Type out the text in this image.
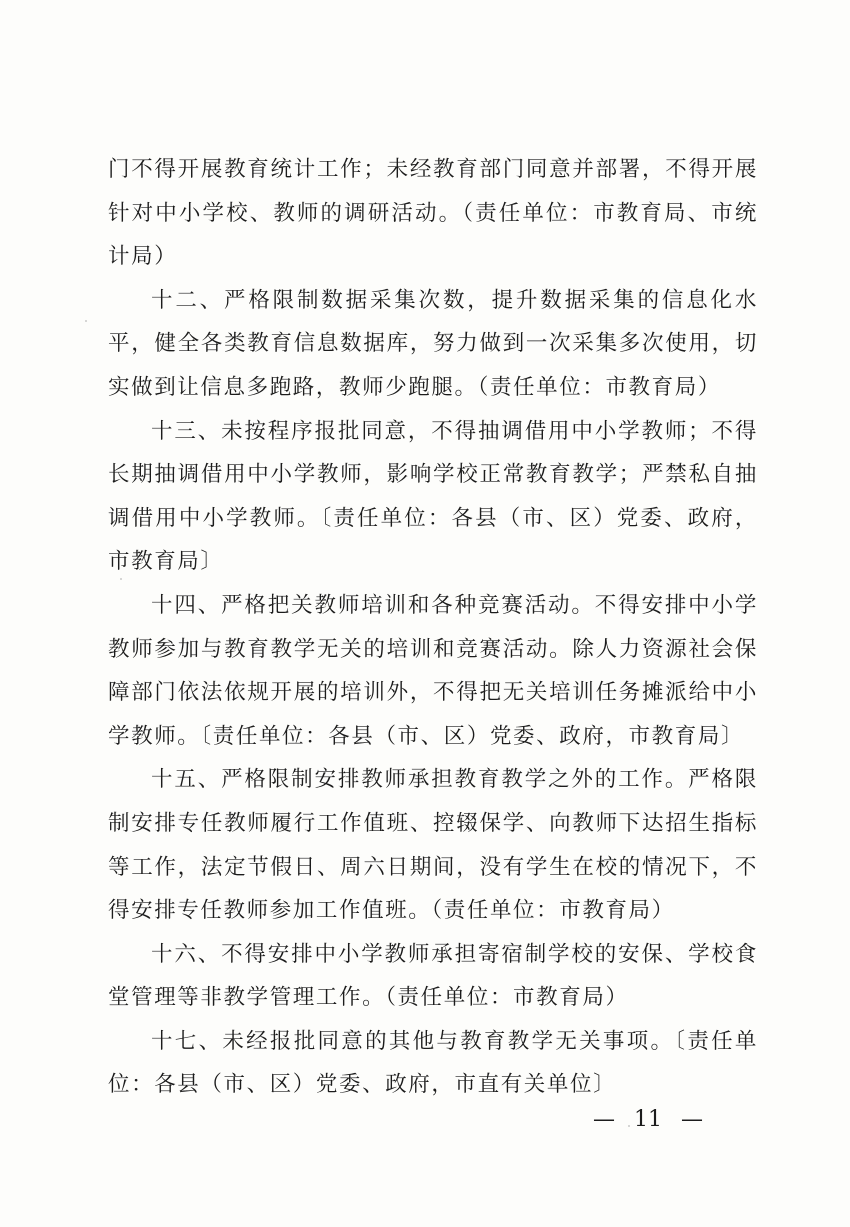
门不得开展教育统计工作；未经教育部门同意并部署，不得开展针对中小学校、教师的调研活动。（责任单位：市教育局、市统计局）

十二、严格限制数据采集次数，提升数据采集的信息化水平，健全各类教育信息数据库，努力做到一次采集多次使用，切实做到让信息多跑路，教师少跑腿。（责任单位：市教育局）

十三、未按程序报批同意，不得抽调借用中小学教师；不得长期抽调借用中小学教师，影响学校正常教育教学；严禁私自抽调借用中小学教师。〔责任单位：各县（市、区）党委、政府，市教育局〕

十四、严格把关教师培训和各种竞赛活动。不得安排中小学教师参加与教育教学无关的培训和竞赛活动。除人力资源社会保障部门依法依规开展的培训外，不得把无关培训任务摊派给中小学教师。〔责任单位：各县（市、区）党委、政府，市教育局〕

十五、严格限制安排教师承担教育教学之外的工作。严格限制安排专任教师履行工作值班、控辍保学、向教师下达招生指标等工作，法定节假日、周六日期间，没有学生在校的情况下，不得安排专任教师参加工作值班。（责任单位：市教育局）

十六、不得安排中小学教师承担寄宿制学校的安保、学校食堂管理等非教学管理工作。（责任单位：市教育局）

十七、未经报批同意的其他与教育教学无关事项。〔责任单位：各县（市、区）党委、政府，市直有关单位〕

— 11 —
